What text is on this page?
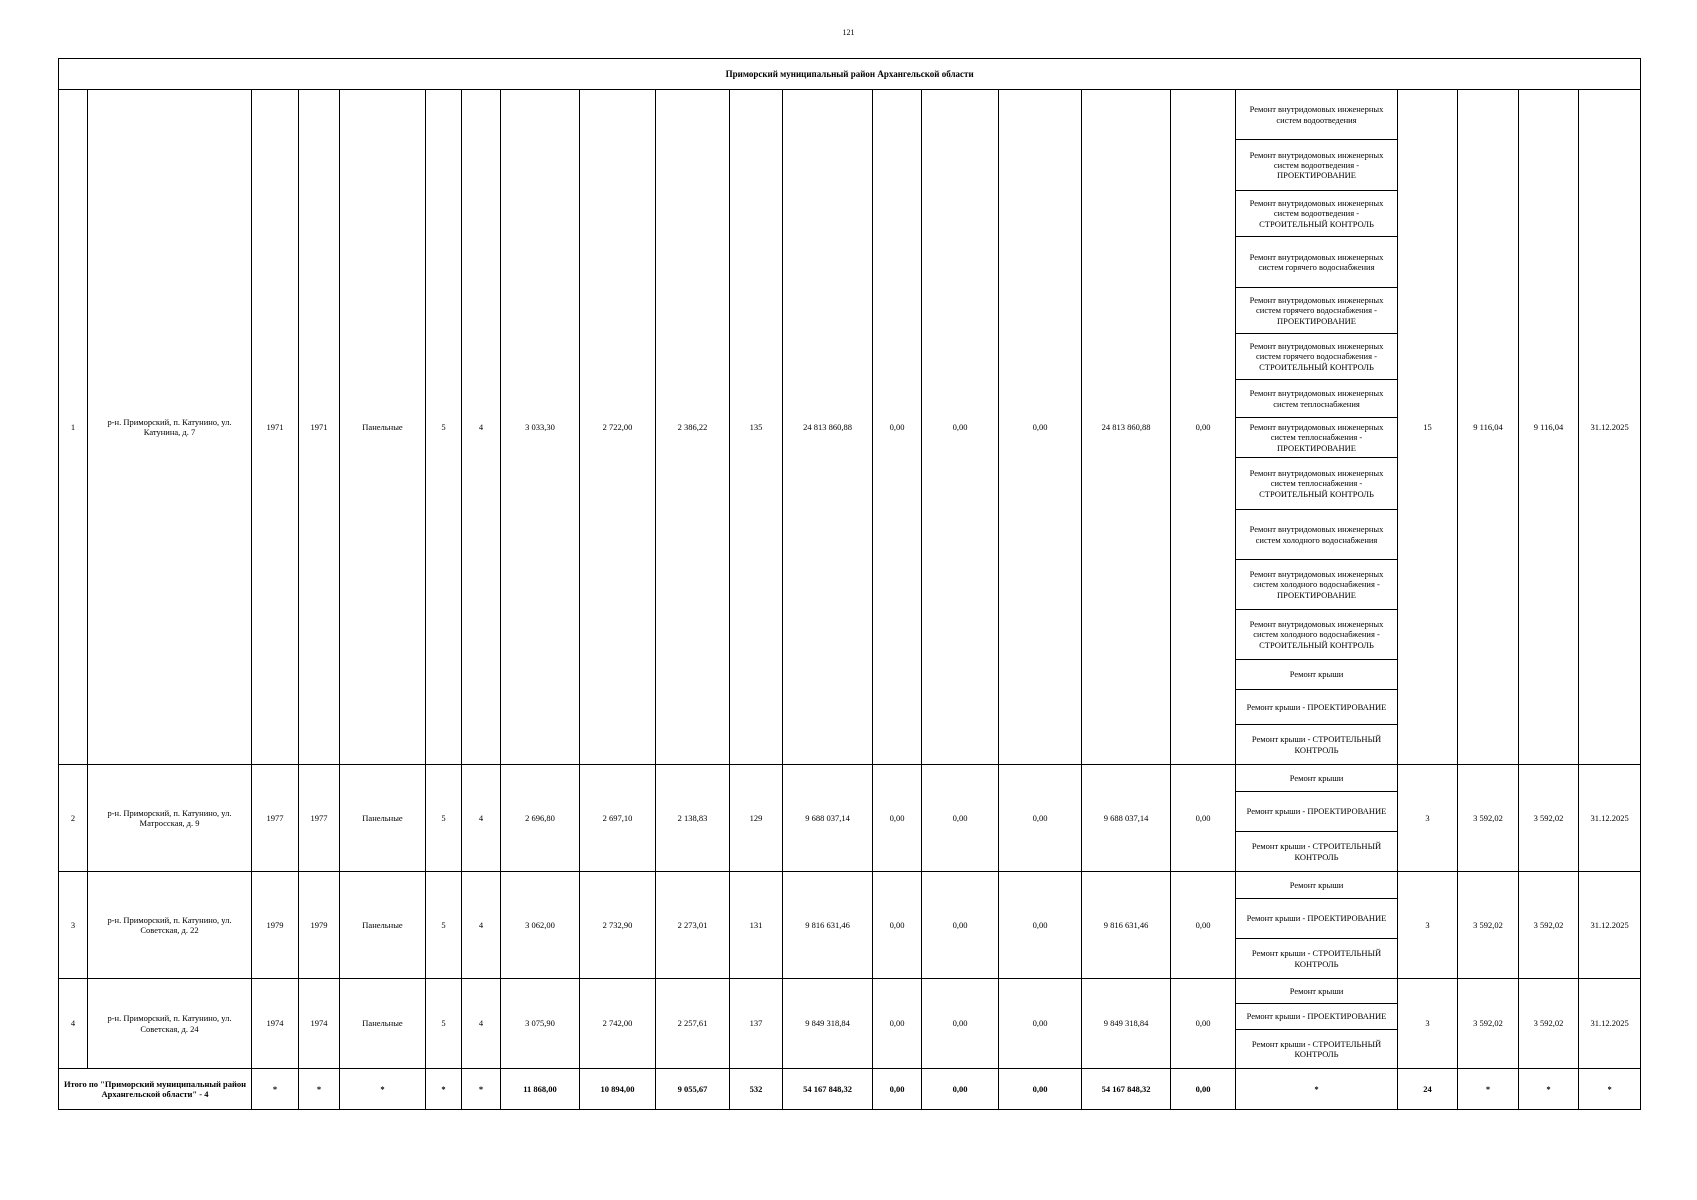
121
Приморский муниципальный район Архангельской области																					
1	р-н. Приморский, п. Катунино, ул. Катунина, д. 7	1971	1971	Панельные	5	4	3 033,30	2 722,00	2 386,22	135	24 813 860,88	0,00	0,00	0,00	24 813 860,88	0,00	Ремонт внутридомовых инженерных систем водоотведения	15	9 116,04	9 116,04	31.12.2025
																	Ремонт внутридомовых инженерных систем водоотведения - ПРОЕКТИРОВАНИЕ				
																	Ремонт внутридомовых инженерных систем водоотведения - СТРОИТЕЛЬНЫЙ КОНТРОЛЬ				
																	Ремонт внутридомовых инженерных систем горячего водоснабжения				
																	Ремонт внутридомовых инженерных систем горячего водоснабжения - ПРОЕКТИРОВАНИЕ				
																	Ремонт внутридомовых инженерных систем горячего водоснабжения - СТРОИТЕЛЬНЫЙ КОНТРОЛЬ				
																	Ремонт внутридомовых инженерных систем теплоснабжения				
																	Ремонт внутридомовых инженерных систем теплоснабжения - ПРОЕКТИРОВАНИЕ				
																	Ремонт внутридомовых инженерных систем теплоснабжения - СТРОИТЕЛЬНЫЙ КОНТРОЛЬ				
																	Ремонт внутридомовых инженерных систем холодного водоснабжения				
																	Ремонт внутридомовых инженерных систем холодного водоснабжения - ПРОЕКТИРОВАНИЕ				
																	Ремонт внутридомовых инженерных систем холодного водоснабжения - СТРОИТЕЛЬНЫЙ КОНТРОЛЬ				
																	Ремонт крыши				
																	Ремонт крыши - ПРОЕКТИРОВАНИЕ				
																	Ремонт крыши - СТРОИТЕЛЬНЫЙ КОНТРОЛЬ				
2	р-н. Приморский, п. Катунино, ул. Матросская, д. 9	1977	1977	Панельные	5	4	2 696,80	2 697,10	2 138,83	129	9 688 037,14	0,00	0,00	0,00	9 688 037,14	0,00	Ремонт крыши	3	3 592,02	3 592,02	31.12.2025
																	Ремонт крыши - ПРОЕКТИРОВАНИЕ				
																	Ремонт крыши - СТРОИТЕЛЬНЫЙ КОНТРОЛЬ				
3	р-н. Приморский, п. Катунино, ул. Советская, д. 22	1979	1979	Панельные	5	4	3 062,00	2 732,90	2 273,01	131	9 816 631,46	0,00	0,00	0,00	9 816 631,46	0,00	Ремонт крыши	3	3 592,02	3 592,02	31.12.2025
																	Ремонт крыши - ПРОЕКТИРОВАНИЕ				
																	Ремонт крыши - СТРОИТЕЛЬНЫЙ КОНТРОЛЬ				
4	р-н. Приморский, п. Катунино, ул. Советская, д. 24	1974	1974	Панельные	5	4	3 075,90	2 742,00	2 257,61	137	9 849 318,84	0,00	0,00	0,00	9 849 318,84	0,00	Ремонт крыши	3	3 592,02	3 592,02	31.12.2025
																	Ремонт крыши - ПРОЕКТИРОВАНИЕ				
																	Ремонт крыши - СТРОИТЕЛЬНЫЙ КОНТРОЛЬ				
Итого по "Приморский муниципальный район Архангельской области" - 4		*	*	*	*	*	11 868,00	10 894,00	9 055,67	532	54 167 848,32	0,00	0,00	0,00	54 167 848,32	0,00	*	24	*	*	*
